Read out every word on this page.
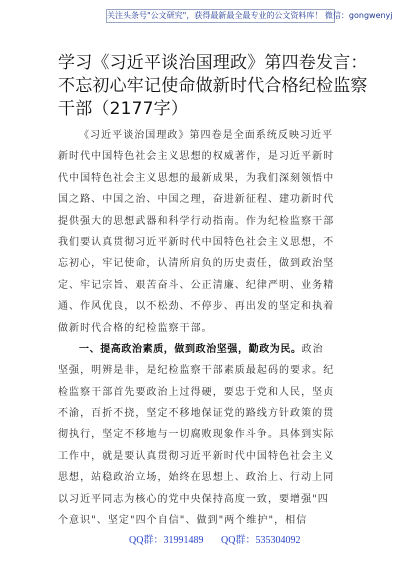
关注头条号"公文研究"，获得最新最全最专业的公文资料库！ 微信：gongwenyj
学习《习近平谈治国理政》第四卷发言：
不忘初心牢记使命做新时代合格纪检监察
干部（2177字）
《习近平谈治国理政》第四卷是全面系统反映习近平
新时代中国特色社会主义思想的权威著作，是习近平新时
代中国特色社会主义思想的最新成果，为我们深刻领悟中
国之路、中国之治、中国之理，奋进新征程、建功新时代
提供强大的思想武器和科学行动指南。作为纪检监察干部
我们要认真贯彻习近平新时代中国特色社会主义思想，不
忘初心，牢记使命，认清所肩负的历史责任，做到政治坚
定、牢记宗旨、艰苦奋斗、公正清廉、纪律严明、业务精
通、作风优良，以不松劲、不停步、再出发的坚定和执着
做新时代合格的纪检监察干部。
一、提高政治素质，做到政治坚强，勤政为民。政治
坚强，明辨是非，是纪检监察干部素质最起码的要求。纪
检监察干部首先要政治上过得硬，要忠于党和人民，坚贞
不渝，百折不挠，坚定不移地保证党的路线方针政策的贯
彻执行，坚定不移地与一切腐败现象作斗争。具体到实际
工作中，就是要认真贯彻习近平新时代中国特色社会主义
思想，站稳政治立场，始终在思想上、政治上、行动上同
以习近平同志为核心的党中央保持高度一致，要增强"四
个意识"、坚定"四个自信"、做到"两个维护"，相信
QQ群：31991489 QQ群：535304092
